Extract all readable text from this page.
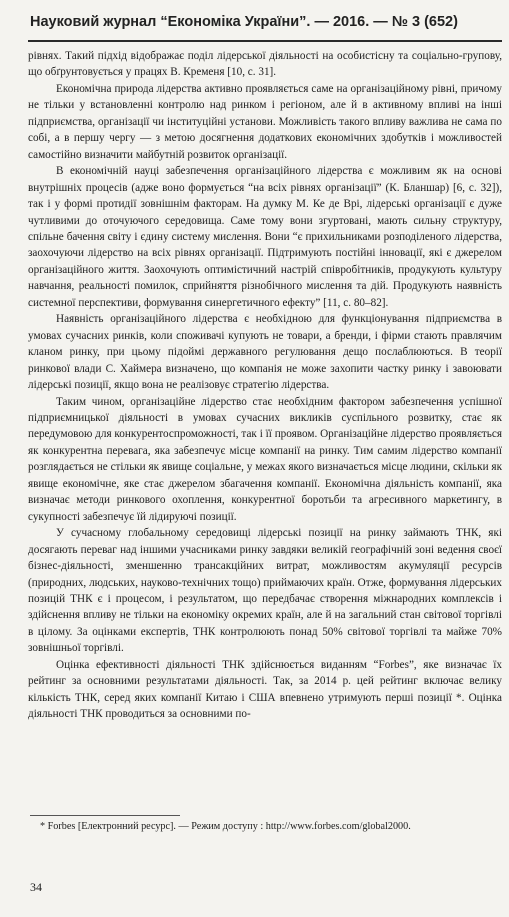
Науковий журнал “Економіка України”. — 2016. — № 3 (652)

рівнях. Такий підхід відображає поділ лідерської діяльності на особистісну та соціально-групову, що обґрунтовується у працях В. Кременя [10, с. 31].

Економічна природа лідерства активно проявляється саме на організаційному рівні, причому не тільки у встановленні контролю над ринком і регіоном, але й в активному впливі на інші підприємства, організації чи інституційні установи. Можливість такого впливу важлива не сама по собі, а в першу чергу — з метою досягнення додаткових економічних здобутків і можливостей самостійно визначити майбутній розвиток організації.

В економічній науці забезпечення організаційного лідерства є можливим як на основі внутрішніх процесів (адже воно формується “на всіх рівнях організації” (К. Бланшар) [6, с. 32]), так і у формі протидії зовнішнім факторам. На думку М. Ке де Врі, лідерські організації є дуже чутливими до оточуючого середовища. Саме тому вони згуртовані, мають сильну структуру, спільне бачення світу і єдину систему мислення. Вони “є прихильниками розподіленого лідерства, заохочуючи лідерство на всіх рівнях організації. Підтримують постійні інновації, які є джерелом організаційного життя. Заохочують оптимістичний настрій співробітників, продукують культуру навчання, реальності помилок, сприйняття різнобічного мислення та дій. Продукують наявність системної перспективи, формування синергетичного ефекту” [11, с. 80–82].

Наявність організаційного лідерства є необхідною для функціонування підприємства в умовах сучасних ринків, коли споживачі купують не товари, а бренди, і фірми стають правлячим кланом ринку, при цьому підоймі державного регулювання дещо послаблюються. В теорії ринкової влади С. Хаймера визначено, що компанія не може захопити частку ринку і завоювати лідерські позиції, якщо вона не реалізовує стратегію лідерства.

Таким чином, організаційне лідерство стає необхідним фактором забезпечення успішної підприємницької діяльності в умовах сучасних викликів суспільного розвитку, стає як передумовою для конкурентоспроможності, так і її проявом. Організаційне лідерство проявляється як конкурентна перевага, яка забезпечує місце компанії на ринку. Тим самим лідерство компанії розглядається не стільки як явище соціальне, у межах якого визначається місце людини, скільки як явище економічне, яке стає джерелом збагачення компанії. Економічна діяльність компанії, яка визначає методи ринкового охоплення, конкурентної боротьби та агресивного маркетингу, в сукупності забезпечує їй лідируючі позиції.

У сучасному глобальному середовищі лідерські позиції на ринку займають ТНК, які досягають переваг над іншими учасниками ринку завдяки великій географічній зоні ведення своєї бізнес-діяльності, зменшенню трансакційних витрат, можливостям акумуляції ресурсів (природних, людських, науково-технічних тощо) приймаючих країн. Отже, формування лідерських позицій ТНК є і процесом, і результатом, що передбачає створення міжнародних комплексів і здійснення впливу не тільки на економіку окремих країн, але й на загальний стан світової торгівлі в цілому. За оцінками експертів, ТНК контролюють понад 50% світової торгівлі та майже 70% зовнішньої торгівлі.

Оцінка ефективності діяльності ТНК здійснюється виданням “Forbes”, яке визначає їх рейтинг за основними результатами діяльності. Так, за 2014 р. цей рейтинг включає велику кількість ТНК, серед яких компанії Китаю і США впевнено утримують перші позиції *. Оцінка діяльності ТНК проводиться за основними по-

* Forbes [Електронний ресурс]. — Режим доступу : http://www.forbes.com/global2000.
34
